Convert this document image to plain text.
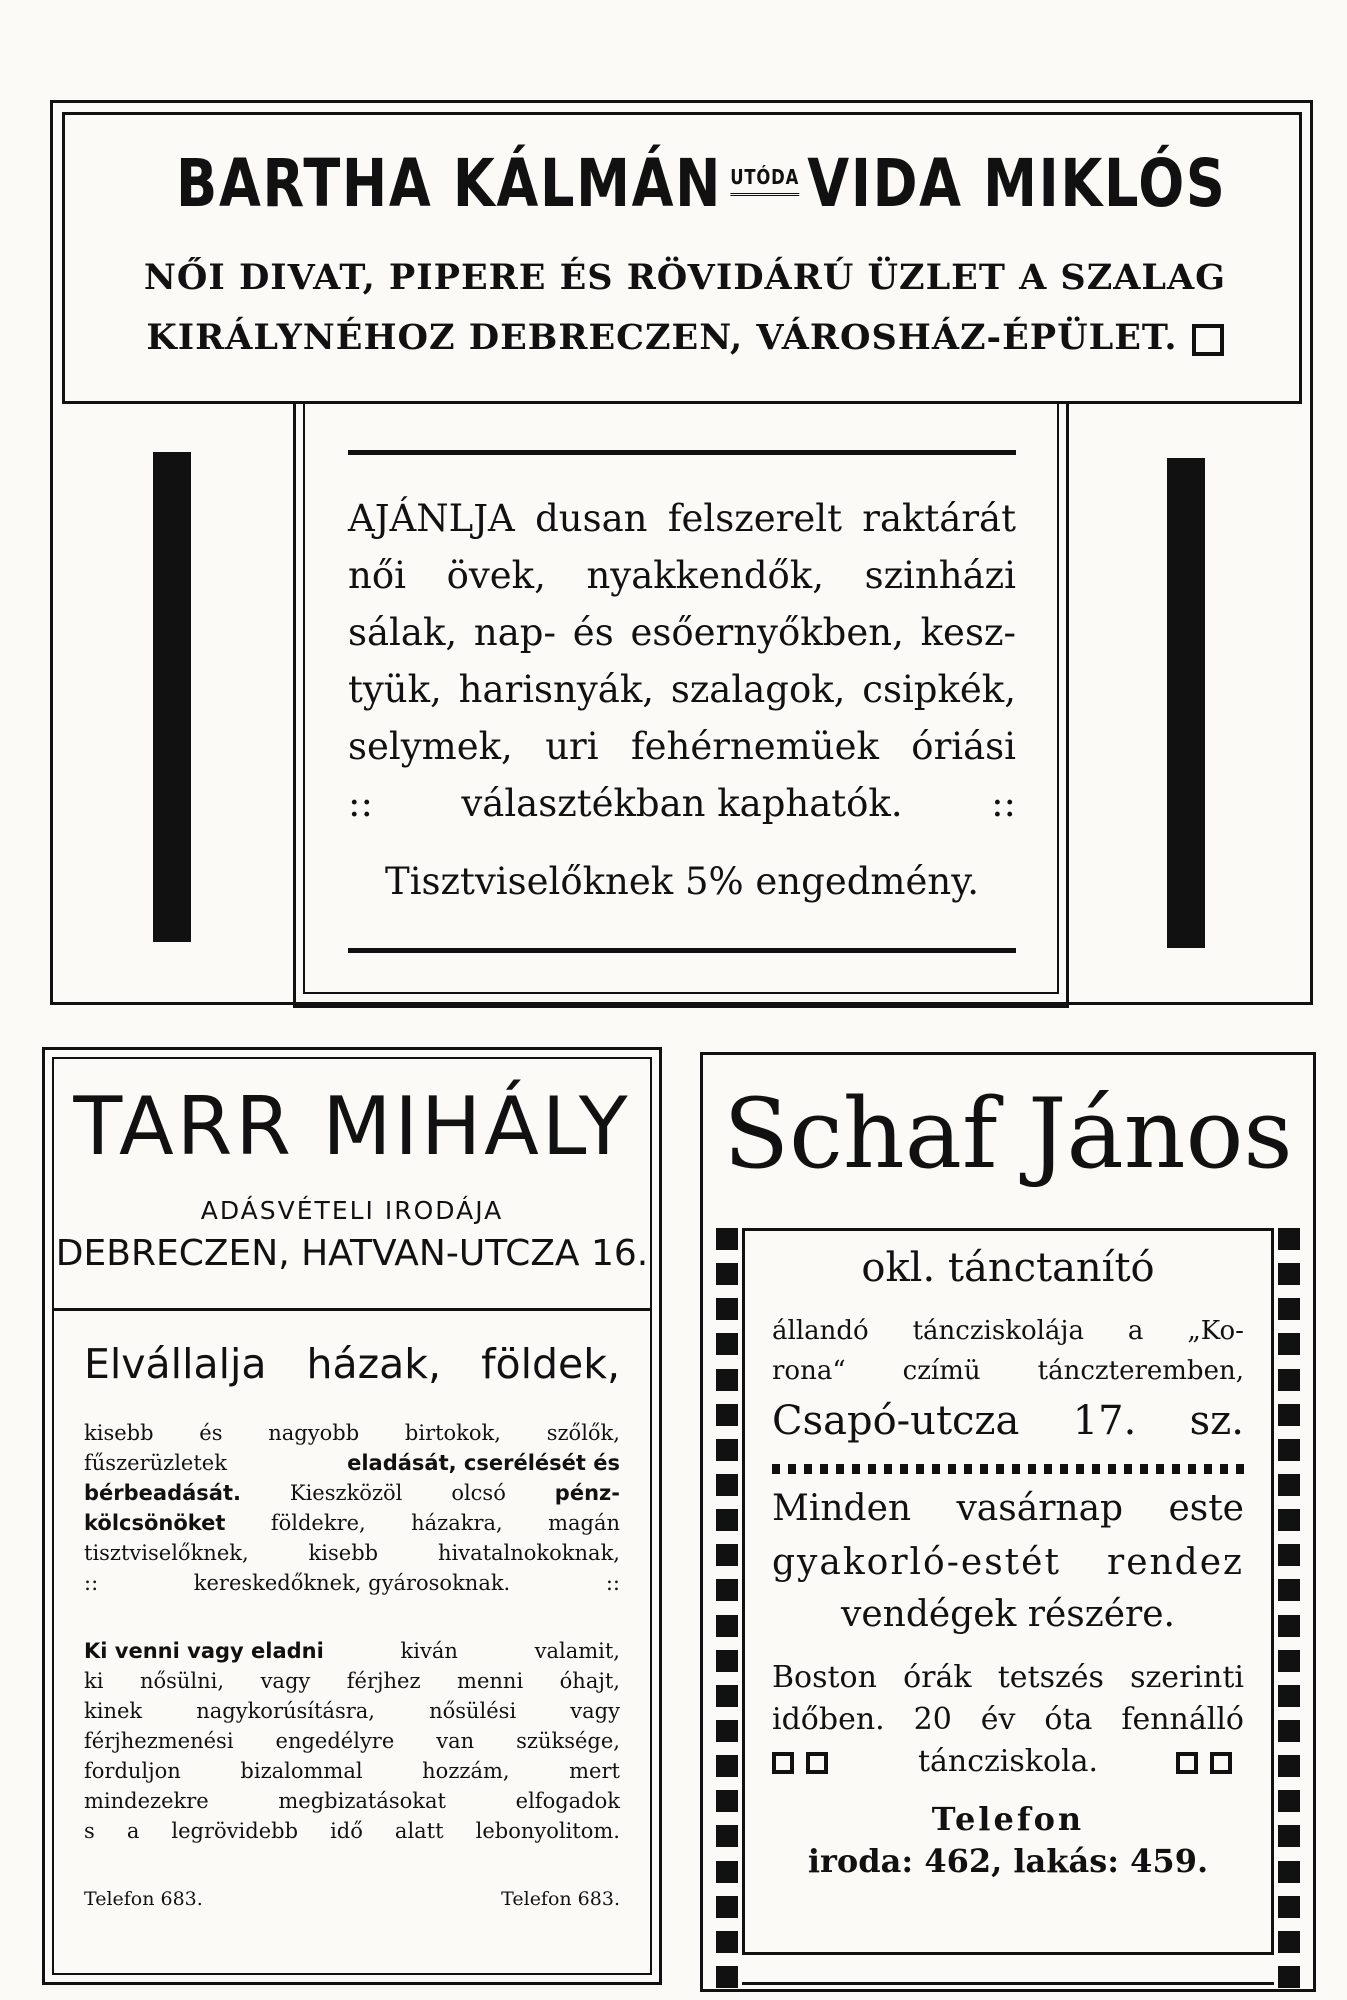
BARTHA KÁLMÁN UTÓDA VIDA MIKLÓS
NŐI DIVAT, PIPERE ÉS RÖVIDÁRÚ ÜZLET A SZALAG
KIRÁLYNÉHOZ DEBRECZEN, VÁROSHÁZ-ÉPÜLET.
AJÁNLJA dusan felszerelt raktárát
női övek, nyakkendők, szinházi
sálak, nap- és esőernyőkben, kesz-
tyük, harisnyák, szalagok, csipkék,
selymek, uri fehérnemüek óriási
:: választékban kaphatók. ::
Tisztviselőknek 5% engedmény.
TARR MIHÁLY
ADÁSVÉTELI IRODÁJA
DEBRECZEN, HATVAN-UTCZA 16.
Elvállalja házak, földek,
kisebb és nagyobb birtokok, szőlők,
fűszerüzletek	eladását, cserélését és
bérbeadását. Kieszközöl olcsó pénz-
kölcsönöket földekre, házakra, magán
tisztviselőknek,	kisebb	hivatalnokoknak,
::	kereskedőknek, gyárosoknak.	::
Ki venni vagy eladni	kiván	valamit,
ki nősülni, vagy férjhez menni óhajt,
kinek	nagykorúsításra,	nősülési	vagy
férjhezmenési engedélyre van szüksége,
forduljon	bizalommal	hozzám,	mert
mindezekre	megbizatásokat	elfogadok
s a legrövidebb idő alatt lebonyolitom.
Telefon 683.	Telefon 683.
Schaf János
okl. tánctanító
állandó táncziskolája a „Ko-
rona“ czímü tánczteremben,
Csapó-utcza 17. sz.
Minden vasárnap este
gyakorló-estét rendez
vendégek részére.
Boston órák tetszés szerinti
időben. 20 év óta fennálló
táncziskola.
Telefon
iroda: 462, lakás: 459.
